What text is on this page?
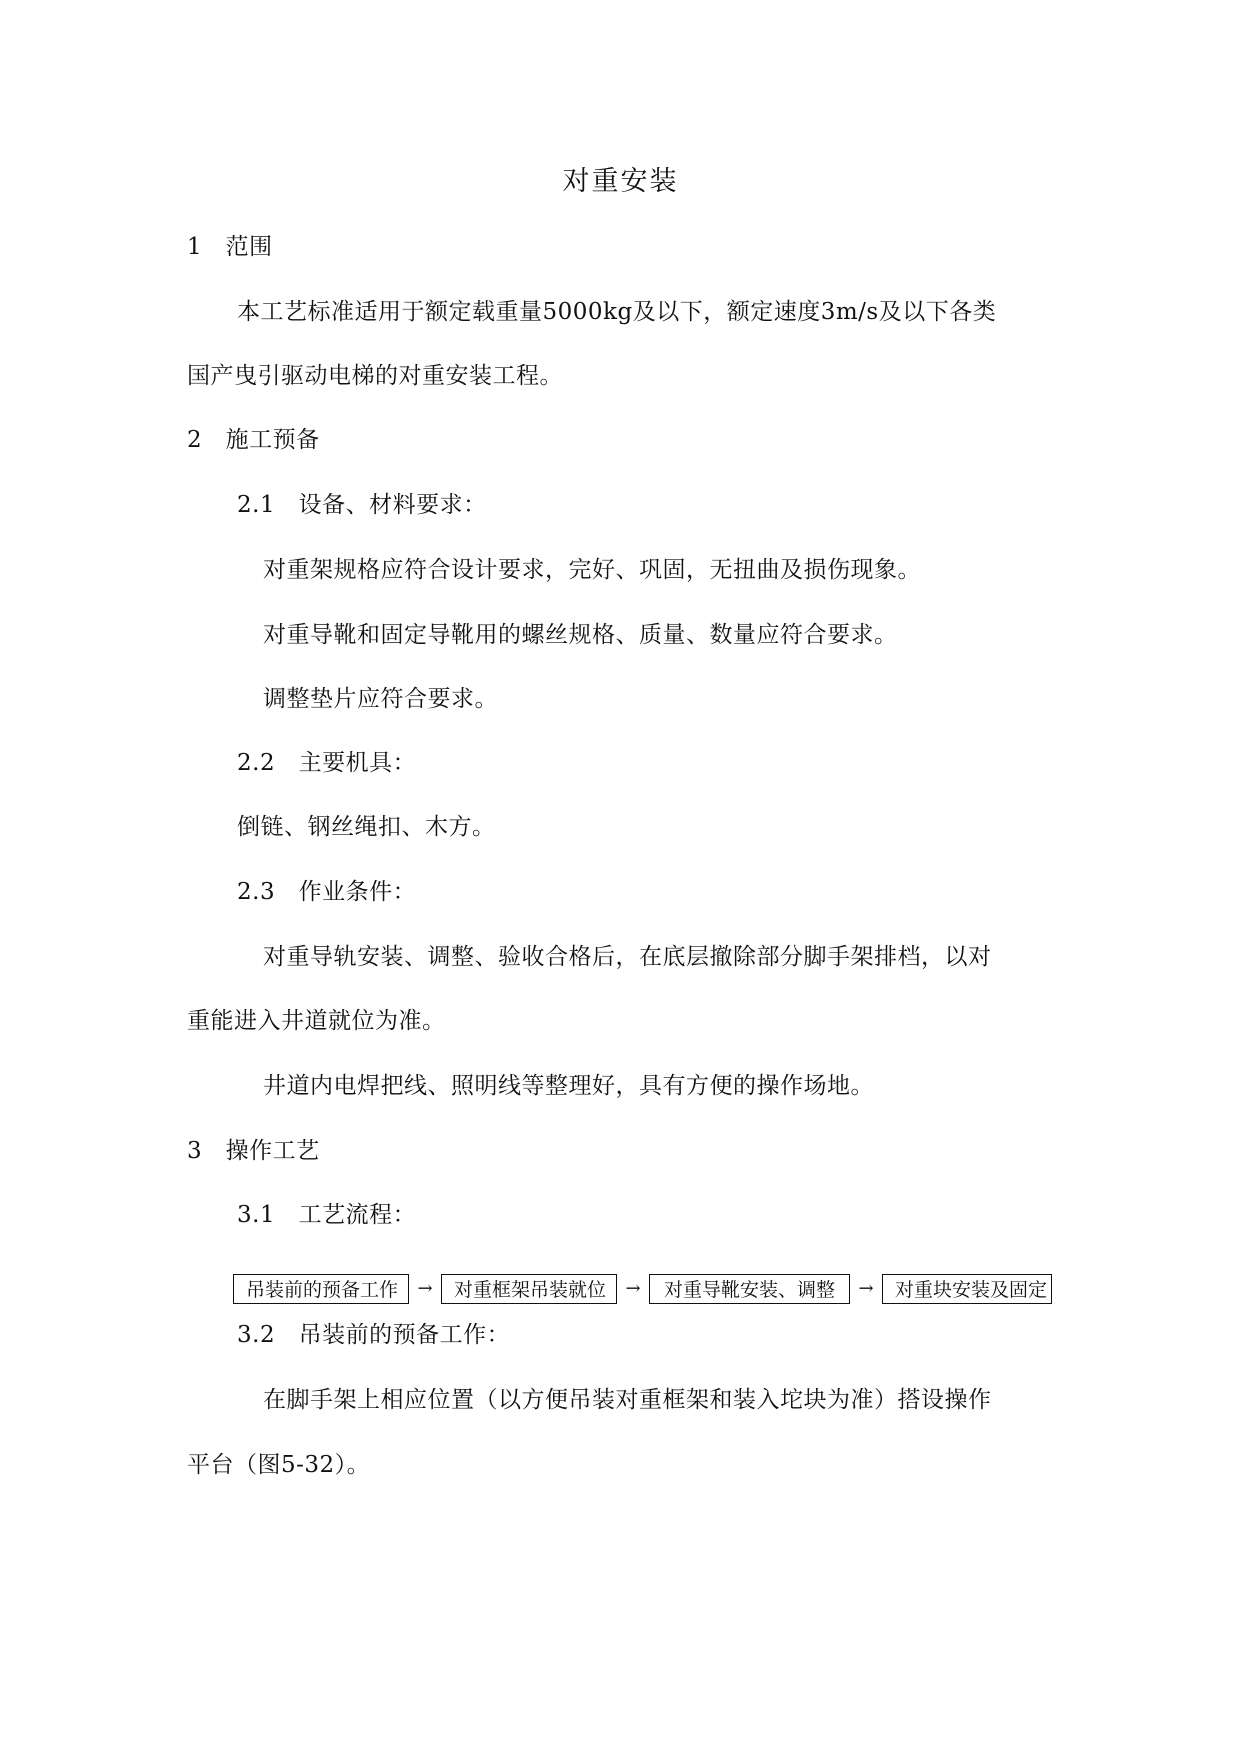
对重安装
1　范围
本工艺标准适用于额定载重量5000kg及以下，额定速度3m/s及以下各类
国产曳引驱动电梯的对重安装工程。
2　施工预备
2.1　设备、材料要求：
对重架规格应符合设计要求，完好、巩固，无扭曲及损伤现象。
对重导靴和固定导靴用的螺丝规格、质量、数量应符合要求。
调整垫片应符合要求。
2.2　主要机具：
倒链、钢丝绳扣、木方。
2.3　作业条件：
对重导轨安装、调整、验收合格后，在底层撤除部分脚手架排档，以对
重能进入井道就位为准。
井道内电焊把线、照明线等整理好，具有方便的操作场地。
3　操作工艺
3.1　工艺流程：
吊装前的预备工作	→	对重框架吊装就位	→	对重导靴安装、调整	→	对重块安装及固定
3.2　吊装前的预备工作：
在脚手架上相应位置（以方便吊装对重框架和装入坨块为准）搭设操作
平台（图5-32）。
